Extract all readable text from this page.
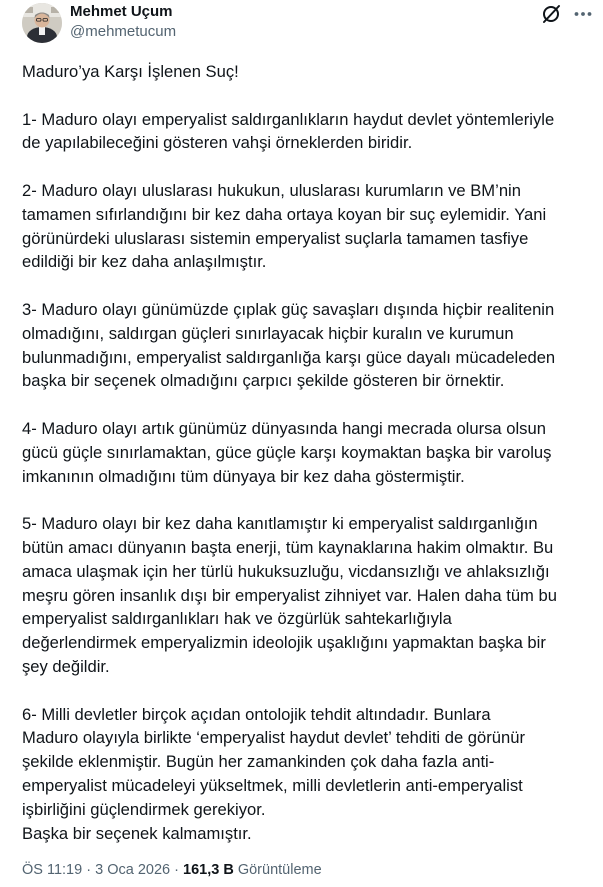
Mehmet Uçum
@mehmetucum

Maduro’ya Karşı İşlenen Suç!

1- Maduro olayı emperyalist saldırganlıkların haydut devlet yöntemleriyle

de yapılabileceğini gösteren vahşi örneklerden biridir.

2- Maduro olayı uluslarası hukukun, uluslarası kurumların ve BM’nin

tamamen sıfırlandığını bir kez daha ortaya koyan bir suç eylemidir. Yani

görünürdeki uluslarası sistemin emperyalist suçlarla tamamen tasfiye

edildiği bir kez daha anlaşılmıştır.

3- Maduro olayı günümüzde çıplak güç savaşları dışında hiçbir realitenin

olmadığını, saldırgan güçleri sınırlayacak hiçbir kuralın ve kurumun

bulunmadığını, emperyalist saldırganlığa karşı güce dayalı mücadeleden

başka bir seçenek olmadığını çarpıcı şekilde gösteren bir örnektir.

4- Maduro olayı artık günümüz dünyasında hangi mecrada olursa olsun

gücü güçle sınırlamaktan, güce güçle karşı koymaktan başka bir varoluş

imkanının olmadığını tüm dünyaya bir kez daha göstermiştir.

5- Maduro olayı bir kez daha kanıtlamıştır ki emperyalist saldırganlığın

bütün amacı dünyanın başta enerji, tüm kaynaklarına hakim olmaktır. Bu

amaca ulaşmak için her türlü hukuksuzluğu, vicdansızlığı ve ahlaksızlığı

meşru gören insanlık dışı bir emperyalist zihniyet var. Halen daha tüm bu

emperyalist saldırganlıkları hak ve özgürlük sahtekarlığıyla

değerlendirmek emperyalizmin ideolojik uşaklığını yapmaktan başka bir

şey değildir.

6- Milli devletler birçok açıdan ontolojik tehdit altındadır. Bunlara

Maduro olayıyla birlikte ‘emperyalist haydut devlet’ tehditi de görünür

şekilde eklenmiştir. Bugün her zamankinden çok daha fazla anti-

emperyalist mücadeleyi yükseltmek, milli devletlerin anti-emperyalist

işbirliğini güçlendirmek gerekiyor.

Başka bir seçenek kalmamıştır.

ÖS 11:19 · 3 Oca 2026 · 161,3 B Görüntüleme
